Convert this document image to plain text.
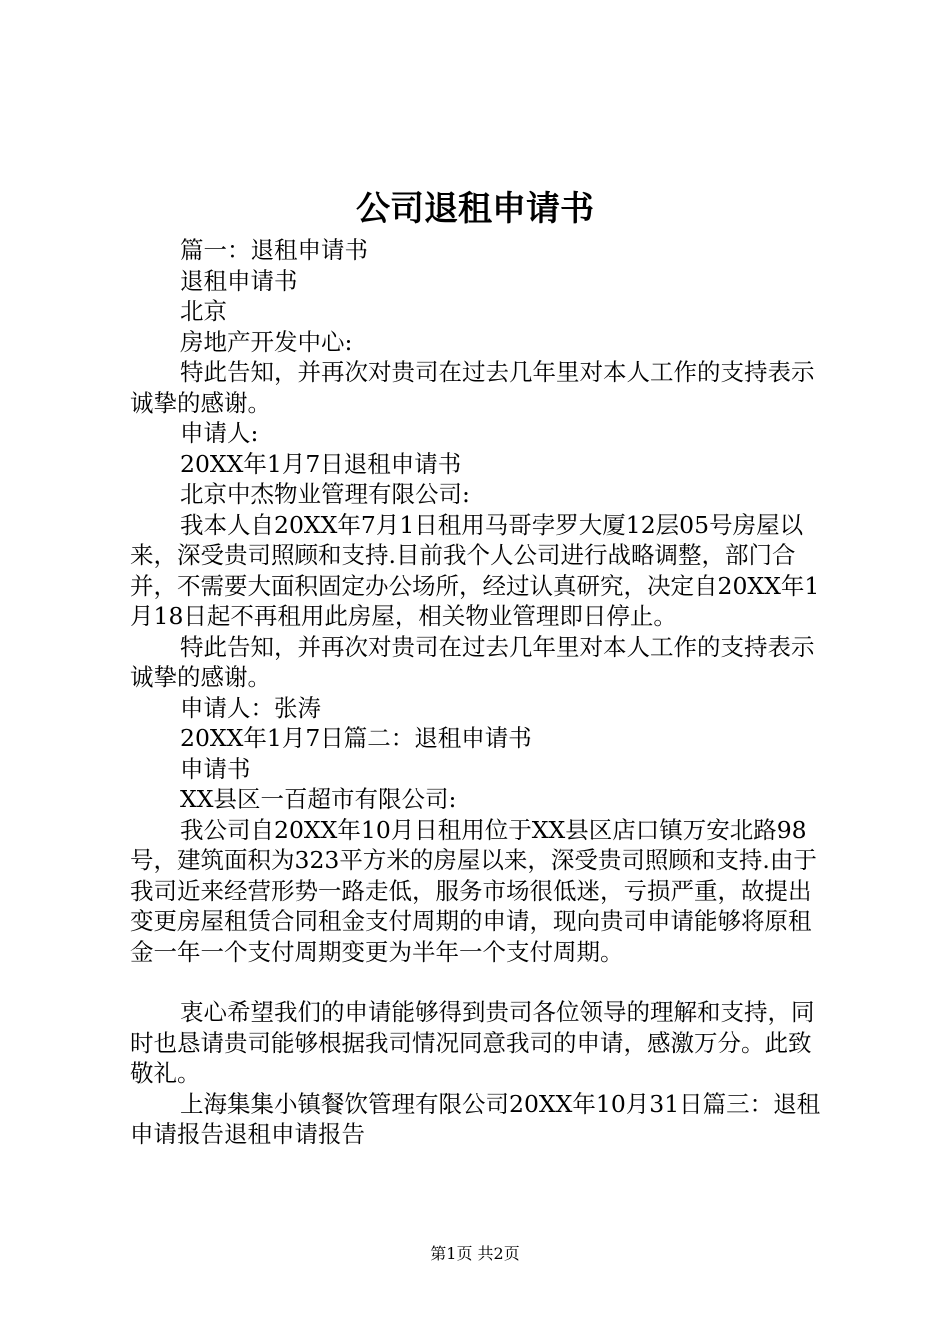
公司退租申请书

篇一：退租申请书

退租申请书

北京

房地产开发中心:

特此告知，并再次对贵司在过去几年里对本人工作的支持表示诚挚的感谢。

申请人:

20XX年1月7日退租申请书

北京中杰物业管理有限公司:

我本人自20XX年7月1日租用马哥孛罗大厦12层05号房屋以来，深受贵司照顾和支持.目前我个人公司进行战略调整，部门合并，不需要大面积固定办公场所，经过认真研究，决定自20XX年1月18日起不再租用此房屋，相关物业管理即日停止。

特此告知，并再次对贵司在过去几年里对本人工作的支持表示诚挚的感谢。

申请人：张涛

20XX年1月7日篇二：退租申请书

申请书

XX县区一百超市有限公司:

我公司自20XX年10月日租用位于XX县区店口镇万安北路98号，建筑面积为323平方米的房屋以来，深受贵司照顾和支持.由于我司近来经营形势一路走低，服务市场很低迷，亏损严重，故提出变更房屋租赁合同租金支付周期的申请，现向贵司申请能够将原租金一年一个支付周期变更为半年一个支付周期。

衷心希望我们的申请能够得到贵司各位领导的理解和支持，同时也恳请贵司能够根据我司情况同意我司的申请，感激万分。此致敬礼。

上海集集小镇餐饮管理有限公司20XX年10月31日篇三：退租申请报告退租申请报告

第1页 共2页
